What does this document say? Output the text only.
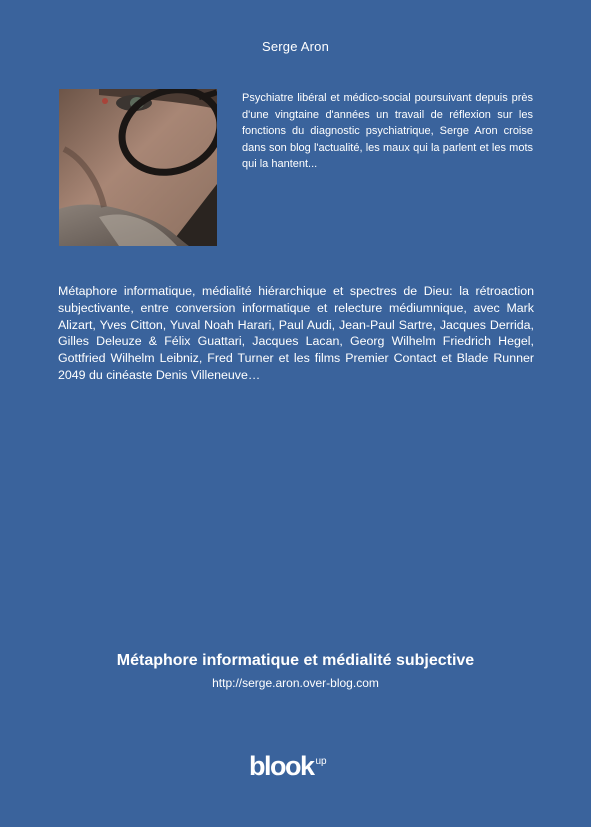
Serge Aron
Psychiatre libéral et médico-social poursuivant depuis près d'une vingtaine d'années un travail de réflexion sur les fonctions du diagnostic psychiatrique, Serge Aron croise dans son blog l'actualité, les maux qui la parlent et les mots qui la hantent...
Métaphore informatique, médialité hiérarchique et spectres de Dieu: la rétroaction subjectivante, entre conversion informatique et relecture médiumnique, avec Mark Alizart, Yves Citton, Yuval Noah Harari, Paul Audi, Jean-Paul Sartre, Jacques Derrida, Gilles Deleuze & Félix Guattari, Jacques Lacan, Georg Wilhelm Friedrich Hegel, Gottfried Wilhelm Leibniz, Fred Turner et les films Premier Contact et Blade Runner 2049 du cinéaste Denis Villeneuve…
Métaphore informatique et médialité subjective
http://serge.aron.over-blog.com
blook $^{up}$
